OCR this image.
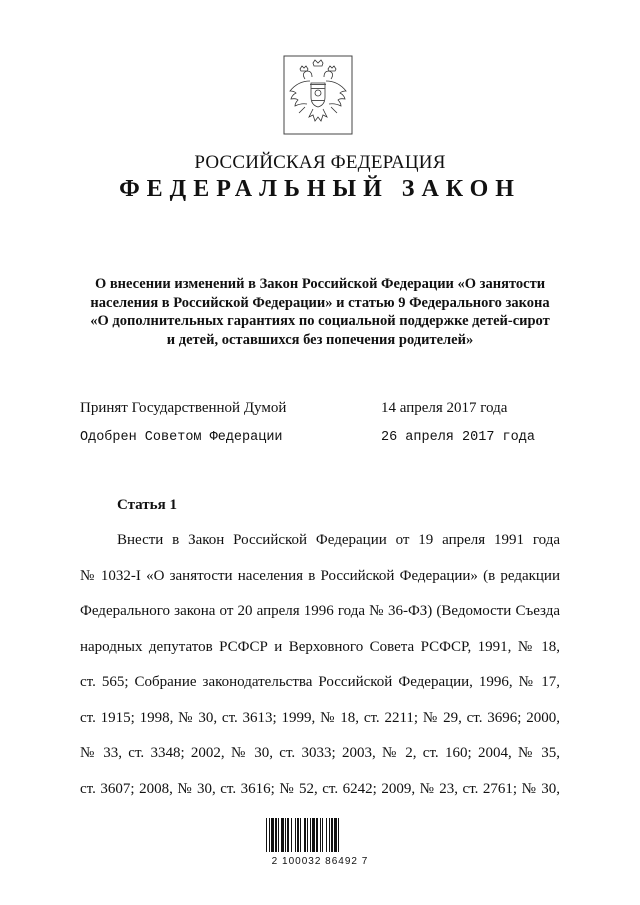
РОССИЙСКАЯ ФЕДЕРАЦИЯ
ФЕДЕРАЛЬНЫЙ ЗАКОН
О внесении изменений в Закон Российской Федерации «О занятости
населения в Российской Федерации» и статью 9 Федерального закона
«О дополнительных гарантиях по социальной поддержке детей-сирот
и детей, оставшихся без попечения родителей»
Принят Государственной Думой	14 апреля 2017 года
Одобрен Советом Федерации	26 апреля 2017 года
Статья 1
Внести в Закон Российской Федерации от 19 апреля 1991 года
№ 1032-I «О занятости населения в Российской Федерации» (в редакции
Федерального закона от 20 апреля 1996 года № 36-ФЗ) (Ведомости Съезда
народных депутатов РСФСР и Верховного Совета РСФСР, 1991, № 18,
ст. 565; Собрание законодательства Российской Федерации, 1996, № 17,
ст. 1915; 1998, № 30, ст. 3613; 1999, № 18, ст. 2211; № 29, ст. 3696; 2000,
№ 33, ст. 3348; 2002, № 30, ст. 3033; 2003, № 2, ст. 160; 2004, № 35,
ст. 3607; 2008, № 30, ст. 3616; № 52, ст. 6242; 2009, № 23, ст. 2761; № 30,
2 100032 86492 7
